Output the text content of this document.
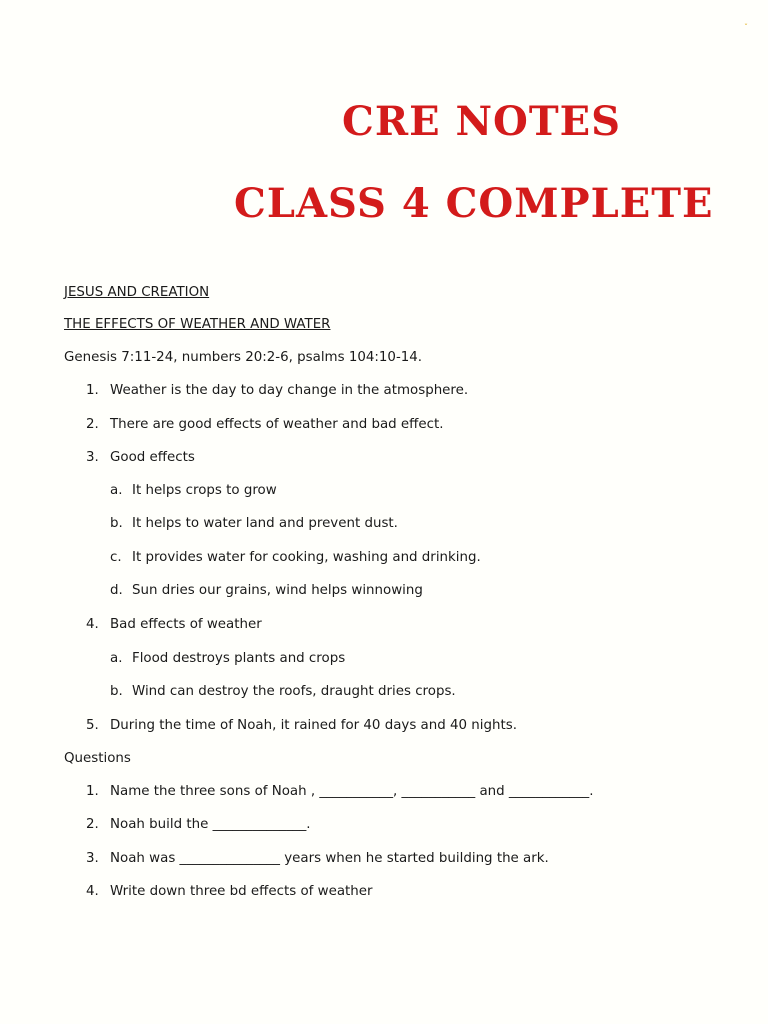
ˇ
CRE NOTES
CLASS 4 COMPLETE
JESUS AND CREATION
THE EFFECTS OF WEATHER AND WATER
Genesis 7:11-24, numbers 20:2-6, psalms 104:10-14.
1. Weather is the day to day change in the atmosphere.
2. There are good effects of weather and bad effect.
3. Good effects
a. It helps crops to grow
b. It helps to water land and prevent dust.
c. It provides water for cooking, washing and drinking.
d. Sun dries our grains, wind helps winnowing
4. Bad effects of weather
a. Flood destroys plants and crops
b. Wind can destroy the roofs, draught dries crops.
5. During the time of Noah, it rained for 40 days and 40 nights.
Questions
1. Name the three sons of Noah , ___________, ___________ and ____________.
2. Noah build the ______________.
3. Noah was _______________ years when he started building the ark.
4. Write down three bd effects of weather
